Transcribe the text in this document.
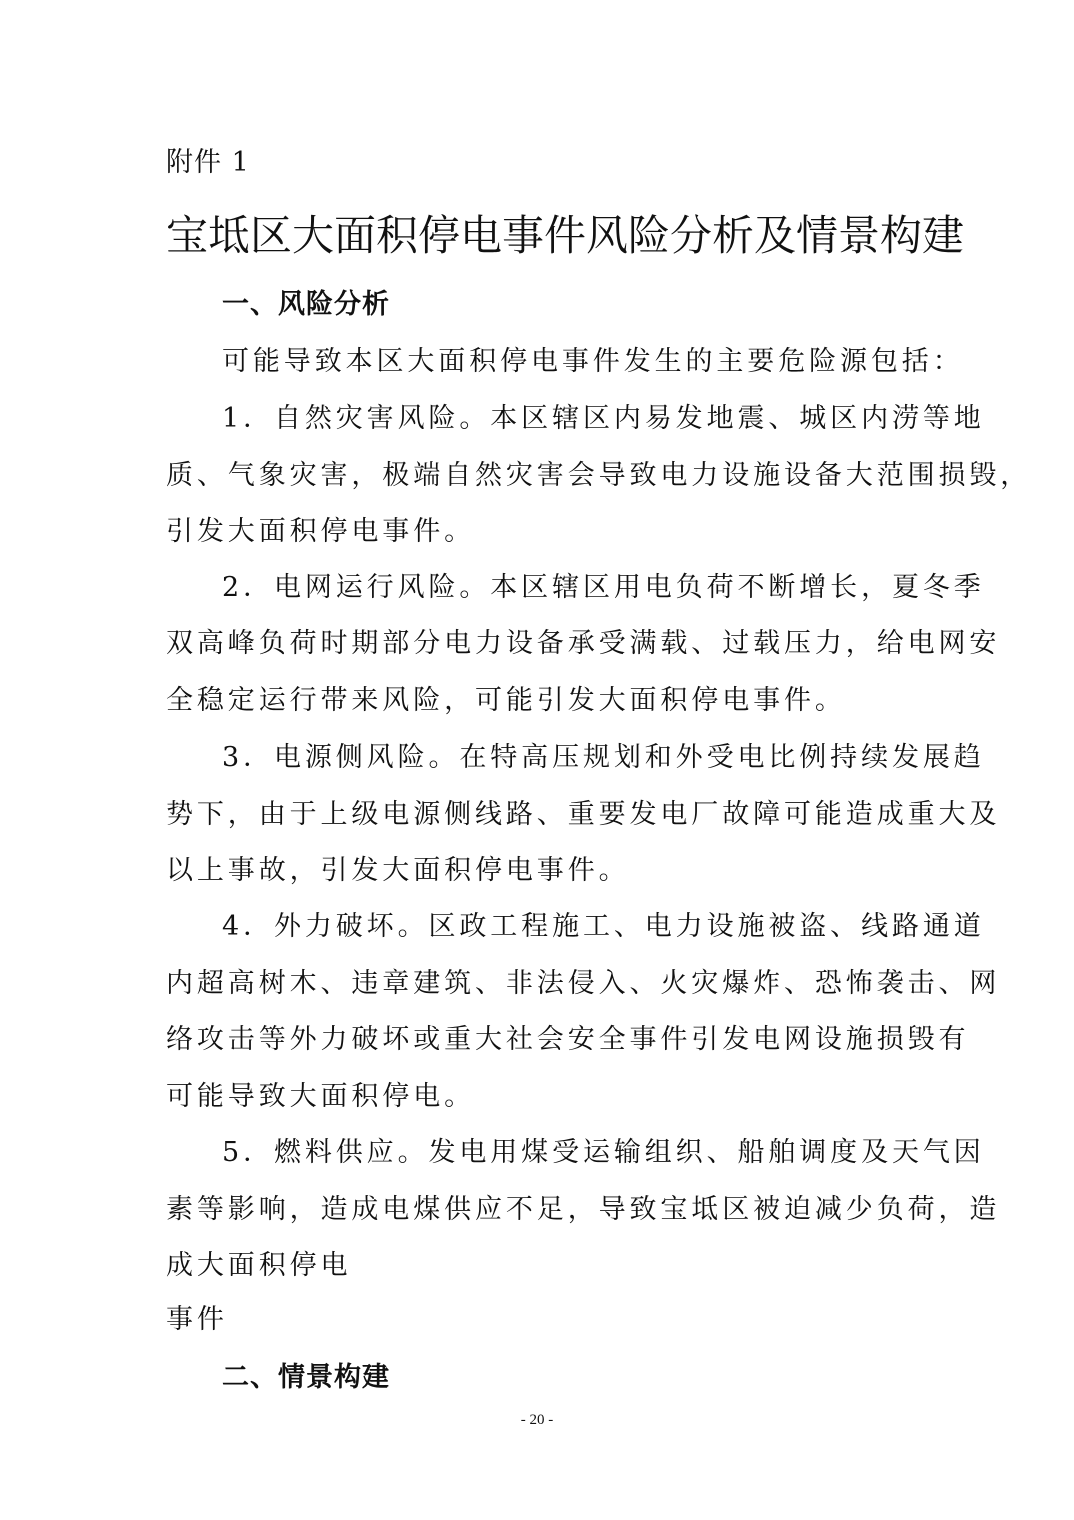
附件 1
宝坻区大面积停电事件风险分析及情景构建
一、风险分析
可能导致本区大面积停电事件发生的主要危险源包括：
1．自然灾害风险。本区辖区内易发地震、城区内涝等地
质、气象灾害，极端自然灾害会导致电力设施设备大范围损毁，
引发大面积停电事件。
2．电网运行风险。本区辖区用电负荷不断增长，夏冬季
双高峰负荷时期部分电力设备承受满载、过载压力，给电网安
全稳定运行带来风险，可能引发大面积停电事件。
3．电源侧风险。在特高压规划和外受电比例持续发展趋
势下，由于上级电源侧线路、重要发电厂故障可能造成重大及
以上事故，引发大面积停电事件。
4．外力破坏。区政工程施工、电力设施被盗、线路通道
内超高树木、违章建筑、非法侵入、火灾爆炸、恐怖袭击、网
络攻击等外力破坏或重大社会安全事件引发电网设施损毁有
可能导致大面积停电。
5．燃料供应。发电用煤受运输组织、船舶调度及天气因
素等影响，造成电煤供应不足，导致宝坻区被迫减少负荷，造
成大面积停电
事件
二、情景构建
- 20 -
